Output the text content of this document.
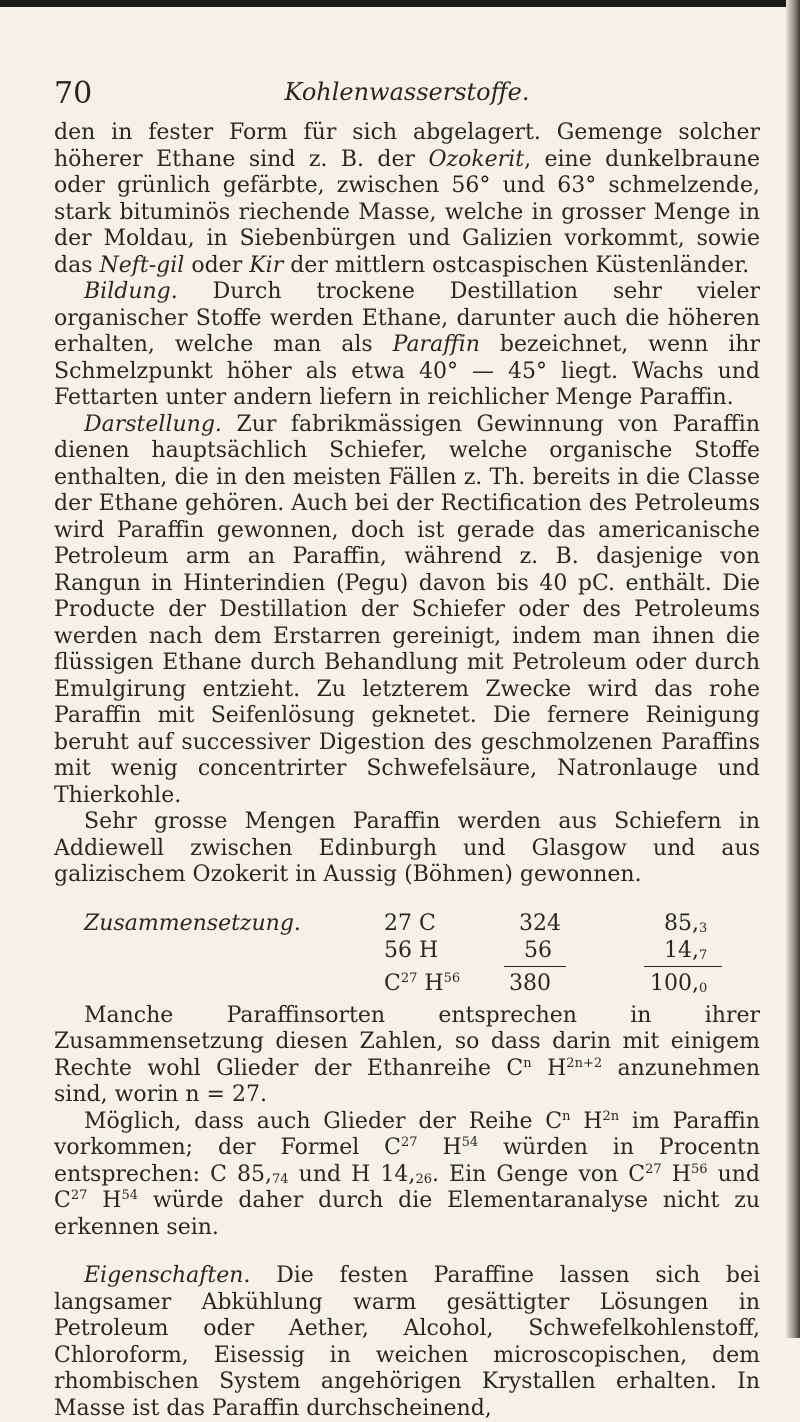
70	Kohlenwasserstoffe.

den in fester Form für sich abgelagert. Gemenge solcher höherer Ethane sind z. B. der Ozokerit, eine dunkelbraune oder grünlich gefärbte, zwischen 56° und 63° schmelzende, stark bituminös riechende Masse, welche in grosser Menge in der Moldau, in Siebenbürgen und Galizien vorkommt, sowie das Neft-gil oder Kir der mittlern ostcaspischen Küstenländer.

Bildung. Durch trockene Destillation sehr vieler organischer Stoffe werden Ethane, darunter auch die höheren erhalten, welche man als Paraffin bezeichnet, wenn ihr Schmelzpunkt höher als etwa 40° — 45° liegt. Wachs und Fettarten unter andern liefern in reichlicher Menge Paraffin.

Darstellung. Zur fabrikmässigen Gewinnung von Paraffin dienen hauptsächlich Schiefer, welche organische Stoffe enthalten, die in den meisten Fällen z. Th. bereits in die Classe der Ethane gehören. Auch bei der Rectification des Petroleums wird Paraffin gewonnen, doch ist gerade das americanische Petroleum arm an Paraffin, während z. B. dasjenige von Rangun in Hinterindien (Pegu) davon bis 40 pC. enthält. Die Producte der Destillation der Schiefer oder des Petroleums werden nach dem Erstarren gereinigt, indem man ihnen die flüssigen Ethane durch Behandlung mit Petroleum oder durch Emulgirung entzieht. Zu letzterem Zwecke wird das rohe Paraffin mit Seifenlösung geknetet. Die fernere Reinigung beruht auf successiver Digestion des geschmolzenen Paraffins mit wenig concentrirter Schwefelsäure, Natronlauge und Thierkohle.

Sehr grosse Mengen Paraffin werden aus Schiefern in Addiewell zwischen Edinburgh und Glasgow und aus galizischem Ozokerit in Aussig (Böhmen) gewonnen.

Zusammensetzung.	27 C	324	$85,_3$
56 H	56	$14,_7$
$C^{27}$ $H^{56}$ 380	$100,_0$

Manche Paraffinsorten entsprechen in ihrer Zusammensetzung diesen Zahlen, so dass darin mit einigem Rechte wohl Glieder der Ethanreihe $C^n$ $H^{2n+2}$ anzunehmen sind, worin n = 27.

Möglich, dass auch Glieder der Reihe $C^n$ $H^{2n}$ im Paraffin vorkommen; der Formel $C^{27}$ $H^{54}$ würden in Procentn entsprechen: C $85,_{74}$ und H $14,_{26}$. Ein Genge von $C^{27}$ $H^{56}$ und $C^{27}$ $H^{54}$ würde daher durch die Elementaranalyse nicht zu erkennen sein.

Eigenschaften. Die festen Paraffine lassen sich bei langsamer Abkühlung warm gesättigter Lösungen in Petroleum oder Aether, Alcohol, Schwefelkohlenstoff, Chloroform, Eisessig in weichen microscopischen, dem rhombischen System angehörigen Krystallen erhalten. In Masse ist das Paraffin durchscheinend,
